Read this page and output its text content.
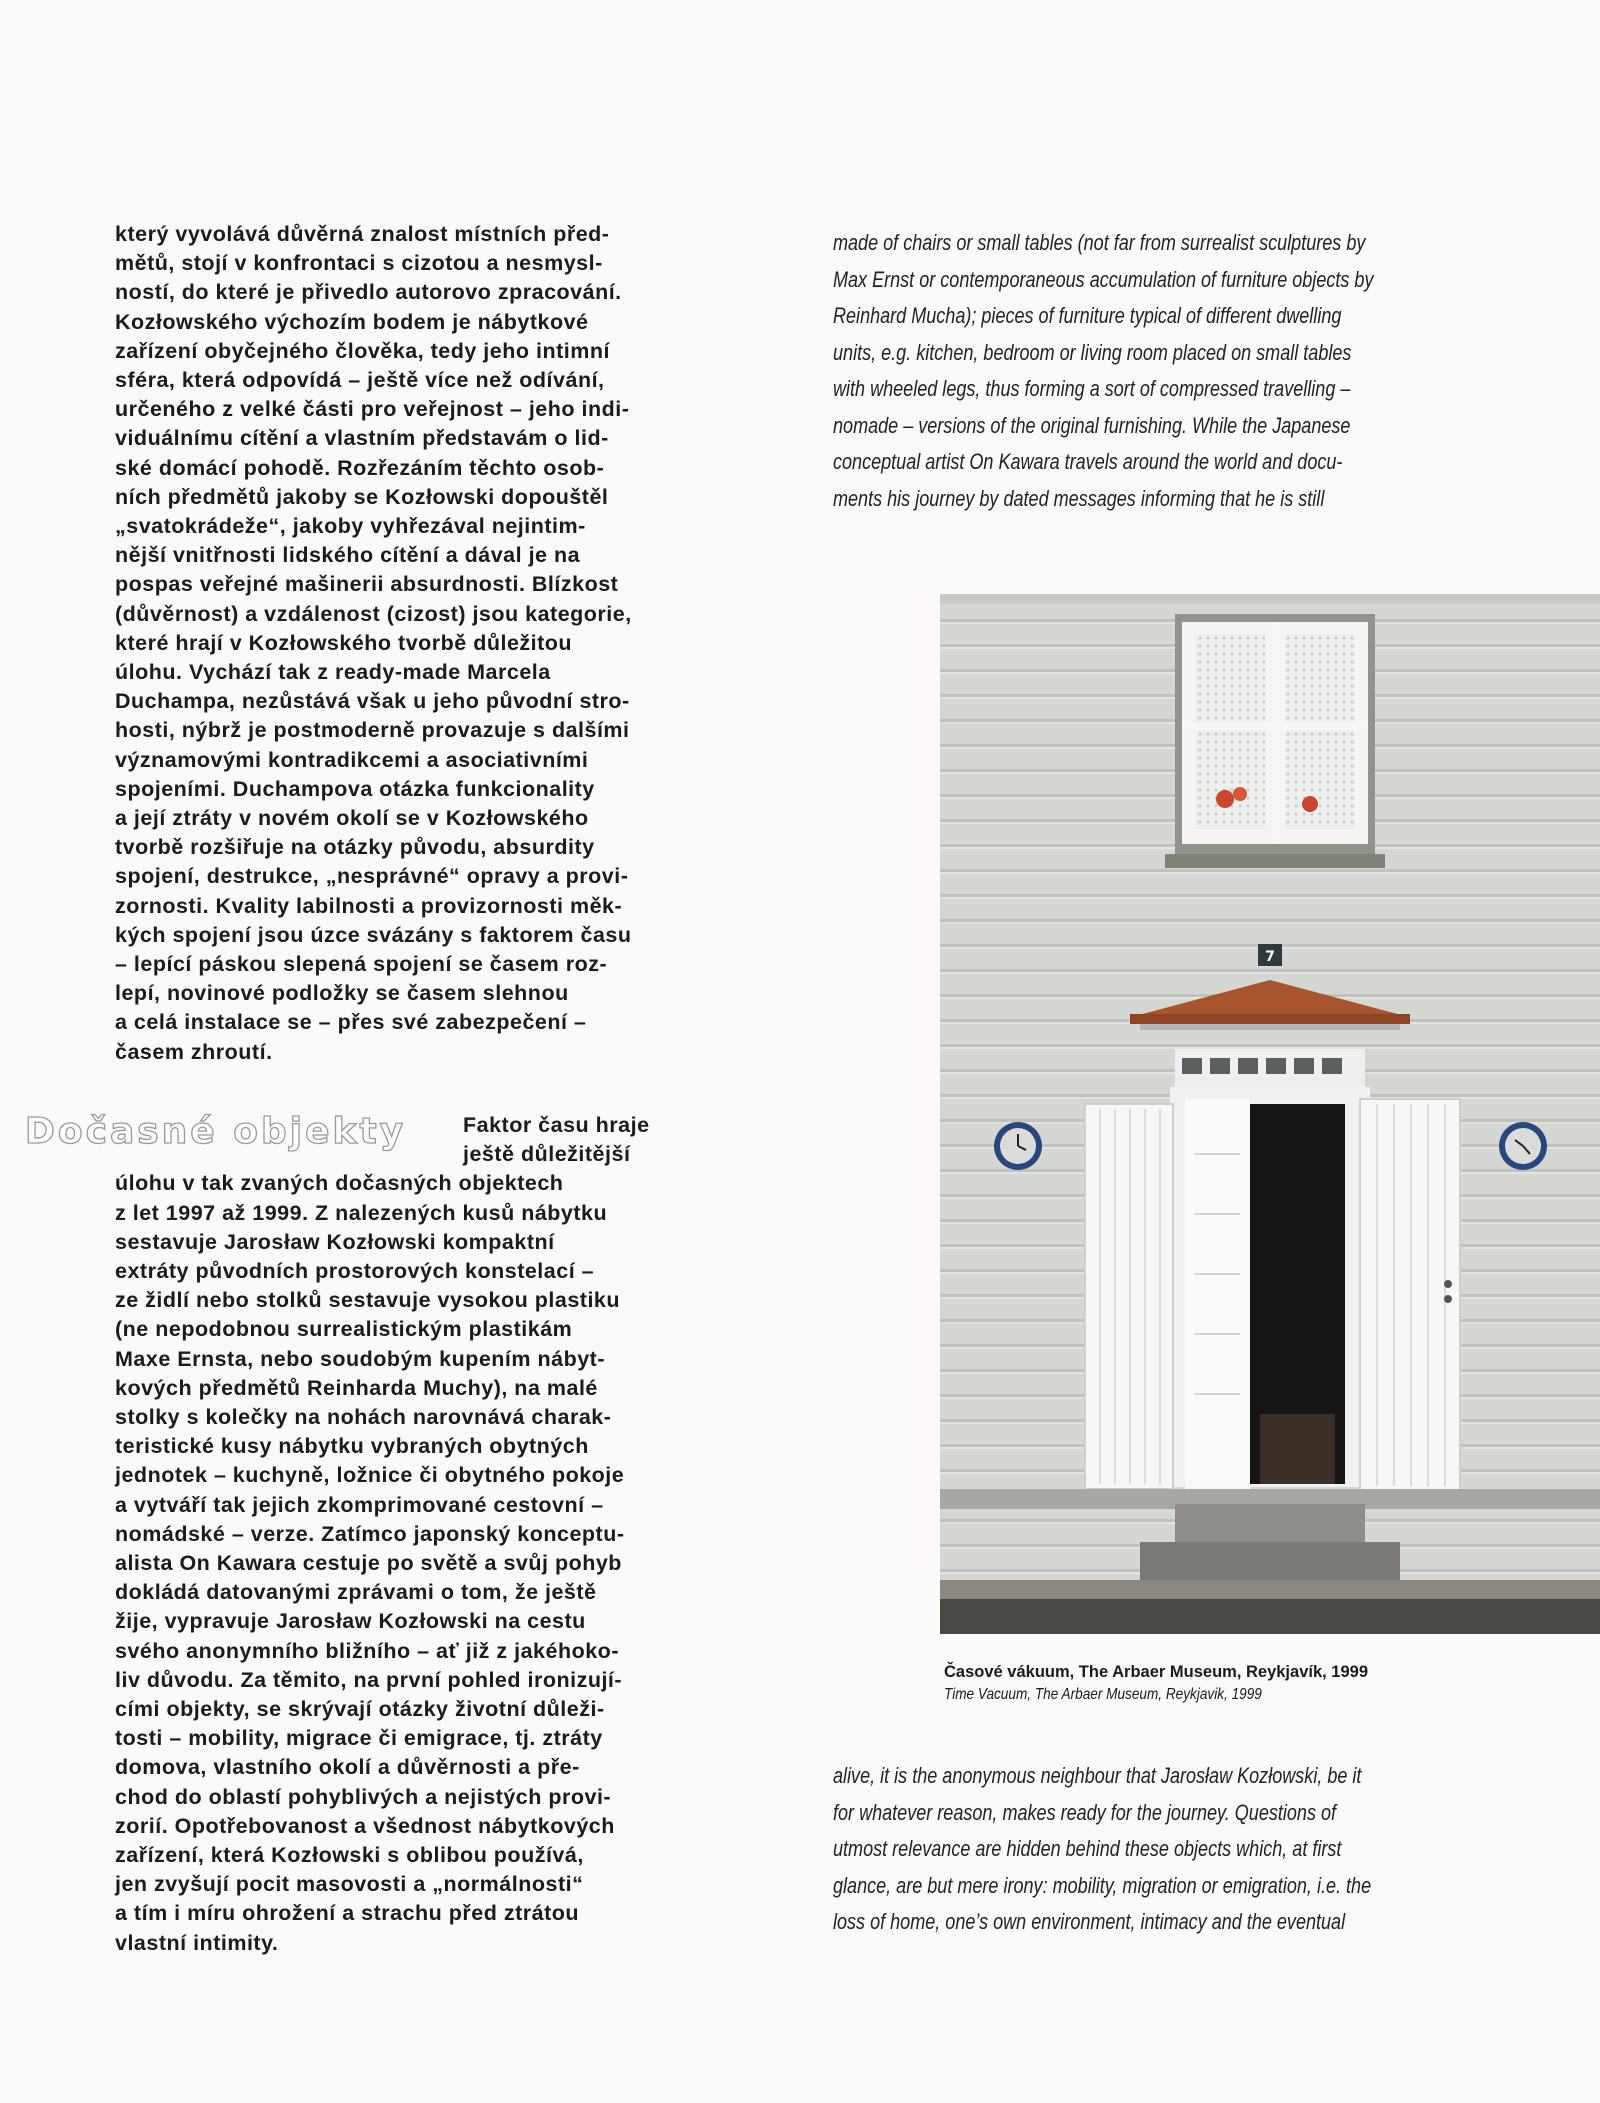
který vyvolává důvěrná znalost místních před-
mětů, stojí v konfrontaci s cizotou a nesmysl-
ností, do které je přivedlo autorovo zpracování.
Kozłowského výchozím bodem je nábytkové
zařízení obyčejného člověka, tedy jeho intimní
sféra, která odpovídá – ještě více než odívání,
určeného z velké části pro veřejnost – jeho indi-
viduálnímu cítění a vlastním představám o lid-
ské domácí pohodě. Rozřezáním těchto osob-
ních předmětů jakoby se Kozłowski dopouštěl
„svatokrádeže“, jakoby vyhřezával nejintim-
nější vnitřnosti lidského cítění a dával je na
pospas veřejné mašinerii absurdnosti. Blízkost
(důvěrnost) a vzdálenost (cizost) jsou kategorie,
které hrají v Kozłowského tvorbě důležitou
úlohu. Vychází tak z ready-made Marcela
Duchampa, nezůstává však u jeho původní stro-
hosti, nýbrž je postmoderně provazuje s dalšími
významovými kontradikcemi a asociativními
spojeními. Duchampova otázka funkcionality
a její ztráty v novém okolí se v Kozłowského
tvorbě rozšiřuje na otázky původu, absurdity
spojení, destrukce, „nesprávné“ opravy a provi-
zornosti. Kvality labilnosti a provizornosti měk-
kých spojení jsou úzce svázány s faktorem času
– lepící páskou slepená spojení se časem roz-
lepí, novinové podložky se časem slehnou
a celá instalace se – přes své zabezpečení –
časem zhroutí.
Dočasné objekty	Faktor času hraje
ještě důležitější
úlohu v tak zvaných dočasných objektech
z let 1997 až 1999. Z nalezených kusů nábytku
sestavuje Jarosław Kozłowski kompaktní
extráty původních prostorových konstelací –
ze židlí nebo stolků sestavuje vysokou plastiku
(ne nepodobnou surrealistickým plastikám
Maxe Ernsta, nebo soudobým kupením nábyt-
kových předmětů Reinharda Muchy), na malé
stolky s kolečky na nohách narovnává charak-
teristické kusy nábytku vybraných obytných
jednotek – kuchyně, ložnice či obytného pokoje
a vytváří tak jejich zkomprimované cestovní –
nomádské – verze. Zatímco japonský konceptu-
alista On Kawara cestuje po světě a svůj pohyb
dokládá datovanými zprávami o tom, že ještě
žije, vypravuje Jarosław Kozłowski na cestu
svého anonymního bližního – ať již z jakéhoko-
liv důvodu. Za těmito, na první pohled ironizují-
cími objekty, se skrývají otázky životní důleži-
tosti – mobility, migrace či emigrace, tj. ztráty
domova, vlastního okolí a důvěrnosti a pře-
chod do oblastí pohyblivých a nejistých provi-
zorií. Opotřebovanost a všednost nábytkových
zařízení, která Kozłowski s oblibou používá,
jen zvyšují pocit masovosti a „normálnosti“
a tím i míru ohrožení a strachu před ztrátou
vlastní intimity.
made of chairs or small tables (not far from surrealist sculptures by
Max Ernst or contemporaneous accumulation of furniture objects by
Reinhard Mucha); pieces of furniture typical of different dwelling
units, e.g. kitchen, bedroom or living room placed on small tables
with wheeled legs, thus forming a sort of compressed travelling –
nomade – versions of the original furnishing. While the Japanese
conceptual artist On Kawara travels around the world and docu-
ments his journey by dated messages informing that he is still
7
Časové vákuum, The Arbaer Museum, Reykjavík, 1999
Time Vacuum, The Arbaer Museum, Reykjavik, 1999
alive, it is the anonymous neighbour that Jarosław Kozłowski, be it
for whatever reason, makes ready for the journey. Questions of
utmost relevance are hidden behind these objects which, at first
glance, are but mere irony: mobility, migration or emigration, i.e. the
loss of home, one’s own environment, intimacy and the eventual
